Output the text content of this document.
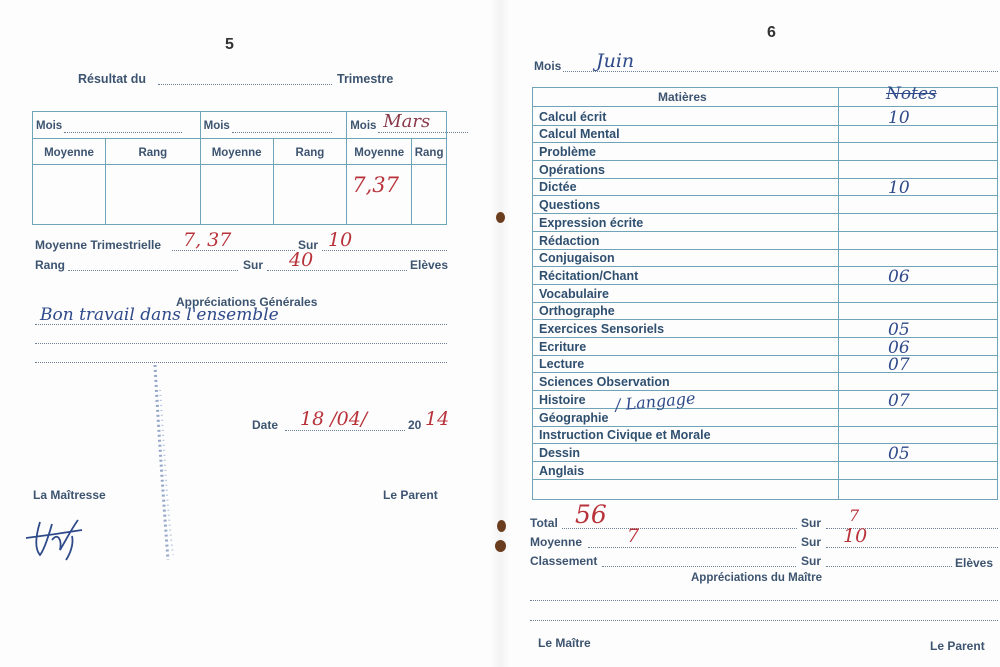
5
Résultat du	Trimestre
Mois		Mois		Mois Mars	

Moyenne	Rang	Moyenne	Rang	Moyenne	Rang

				7,37	

Moyenne Trimestrielle 7, 37	Sur 10
Rang	Sur 40	Elèves
Appréciations Générales
Bon travail dans l'ensemble
Date 18 /04/	20 14
La Maîtresse	Le Parent
6
Mois Juin
Matières	Notes
Calcul écrit	10
Calcul Mental
Problème
Opérations
Dictée	10
Questions
Expression écrite
Rédaction
Conjugaison
Récitation/Chant	06
Vocabulaire
Orthographe
Exercices Sensoriels	05
Ecriture	06
Lecture	07
Sciences Observation
Histoire	07
Géographie
Instruction Civique et Morale
Dessin	05
Anglais
/ Langage
Total 56	Sur 7
Moyenne 7	Sur 10
Classement	Sur	Elèves
Appréciations du Maître
Le Maître	Le Parent
